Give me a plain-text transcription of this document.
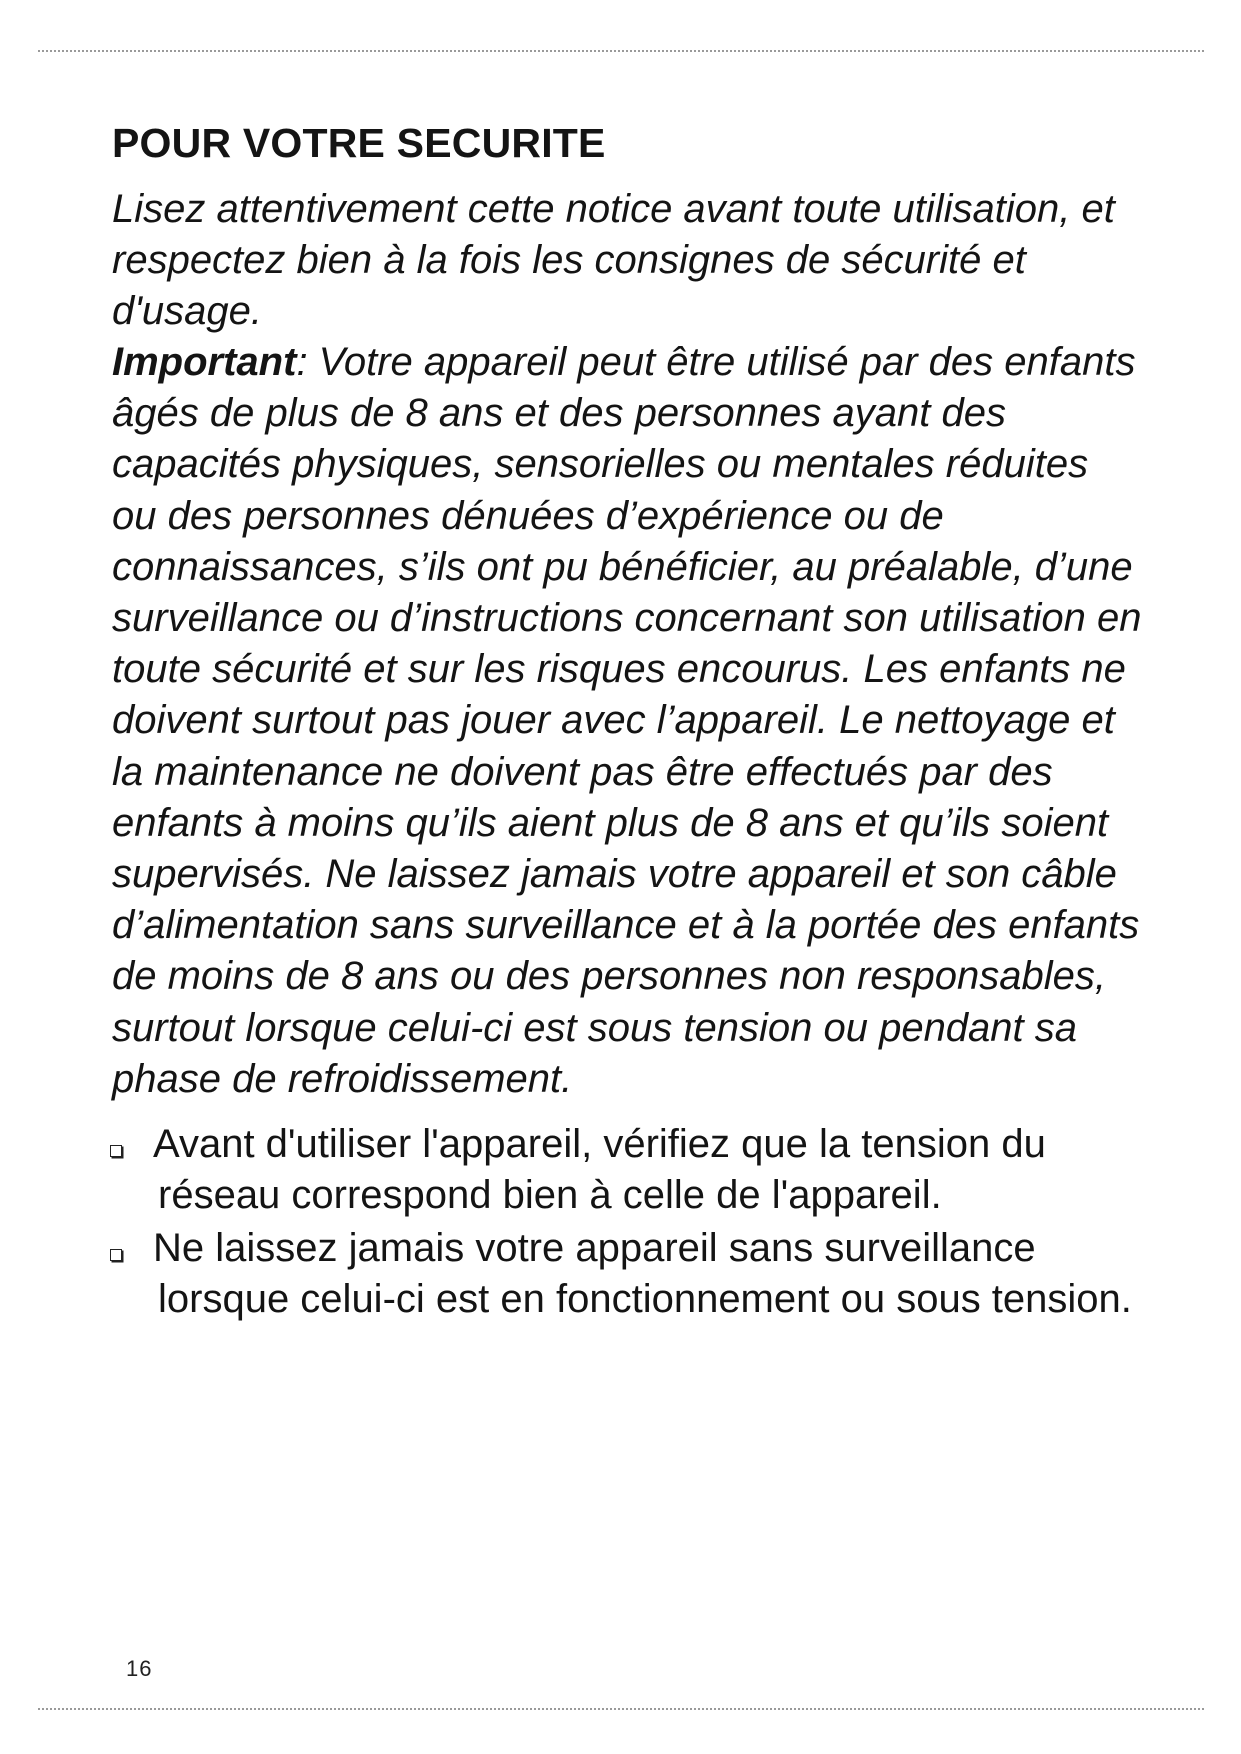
POUR VOTRE SECURITE

Lisez attentivement cette notice avant toute utilisation, et respectez bien à la fois les consignes de sécurité et d'usage.

Important: Votre appareil peut être utilisé par des enfants âgés de plus de 8 ans et des personnes ayant des capacités physiques, sensorielles ou mentales réduites ou des personnes dénuées d’expérience ou de connaissances, s’ils ont pu bénéficier, au préalable, d’une surveillance ou d’instructions concernant son utilisation en toute sécurité et sur les risques encourus. Les enfants ne doivent surtout pas jouer avec l’appareil. Le nettoyage et la maintenance ne doivent pas être effectués par des enfants à moins qu’ils aient plus de 8 ans et qu’ils soient supervisés. Ne laissez jamais votre appareil et son câble d’alimentation sans surveillance et à la portée des enfants de moins de 8 ans ou des personnes non responsables, surtout lorsque celui-ci est sous tension ou pendant sa phase de refroidissement.

Avant d'utiliser l'appareil, vérifiez que la tension du réseau correspond bien à celle de l'appareil.
Ne laissez jamais votre appareil sans surveillance lorsque celui-ci est en fonctionnement ou sous tension.
16
